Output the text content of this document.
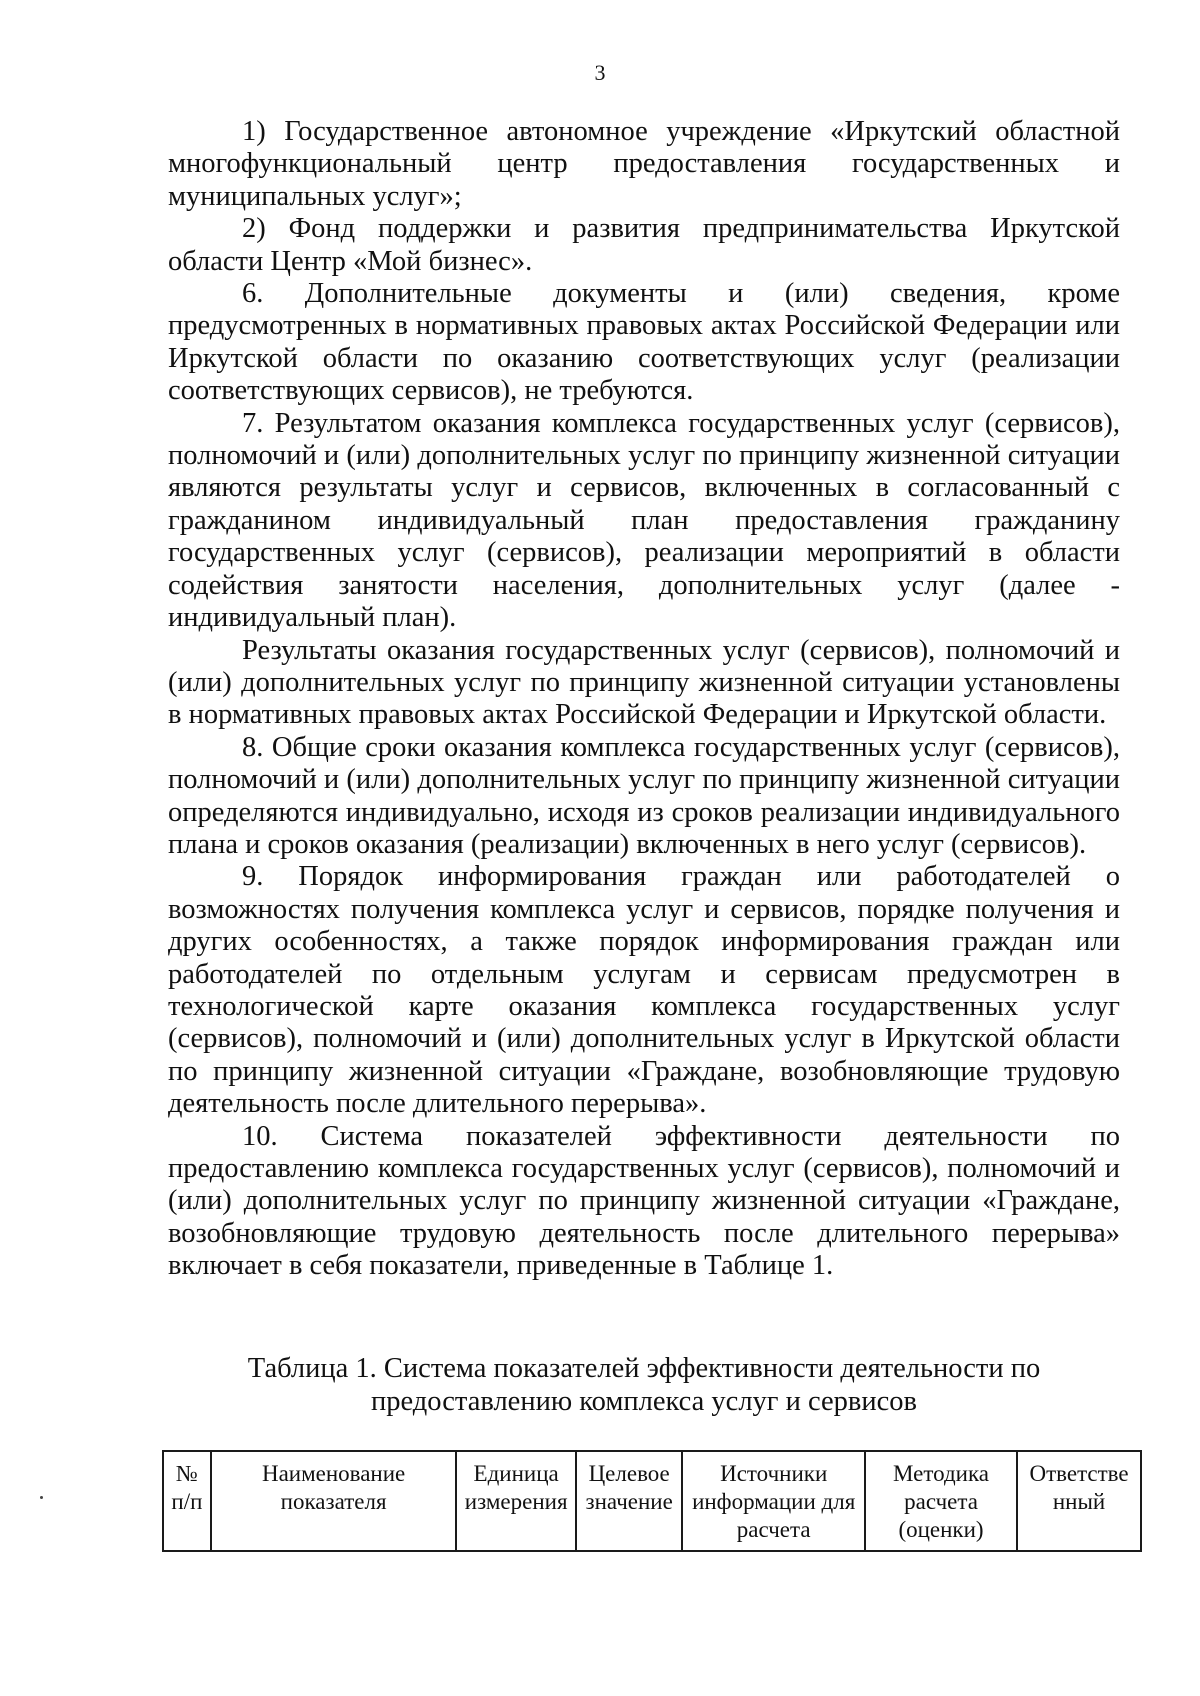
3

1) Государственное автономное учреждение «Иркутский областной многофункциональный центр предоставления государственных и муниципальных услуг»;

2) Фонд поддержки и развития предпринимательства Иркутской области Центр «Мой бизнес».

6. Дополнительные документы и (или) сведения, кроме предусмотренных в нормативных правовых актах Российской Федерации или Иркутской области по оказанию соответствующих услуг (реализации соответствующих сервисов), не требуются.

7. Результатом оказания комплекса государственных услуг (сервисов), полномочий и (или) дополнительных услуг по принципу жизненной ситуации являются результаты услуг и сервисов, включенных в согласованный с гражданином индивидуальный план предоставления гражданину государственных услуг (сервисов), реализации мероприятий в области содействия занятости населения, дополнительных услуг (далее - индивидуальный план).

Результаты оказания государственных услуг (сервисов), полномочий и (или) дополнительных услуг по принципу жизненной ситуации установлены в нормативных правовых актах Российской Федерации и Иркутской области.

8. Общие сроки оказания комплекса государственных услуг (сервисов), полномочий и (или) дополнительных услуг по принципу жизненной ситуации определяются индивидуально, исходя из сроков реализации индивидуального плана и сроков оказания (реализации) включенных в него услуг (сервисов).

9. Порядок информирования граждан или работодателей о возможностях получения комплекса услуг и сервисов, порядке получения и других особенностях, а также порядок информирования граждан или работодателей по отдельным услугам и сервисам предусмотрен в технологической карте оказания комплекса государственных услуг (сервисов), полномочий и (или) дополнительных услуг в Иркутской области по принципу жизненной ситуации «Граждане, возобновляющие трудовую деятельность после длительного перерыва».

10. Система показателей эффективности деятельности по предоставлению комплекса государственных услуг (сервисов), полномочий и (или) дополнительных услуг по принципу жизненной ситуации «Граждане, возобновляющие трудовую деятельность после длительного перерыва» включает в себя показатели, приведенные в Таблице 1.

Таблица 1. Система показателей эффективности деятельности по
предоставлению комплекса услуг и сервисов
№ п/п	Наименование показателя	Единица измерения	Целевое значение	Источники информации для расчета	Методика расчета (оценки)	Ответстве нный
